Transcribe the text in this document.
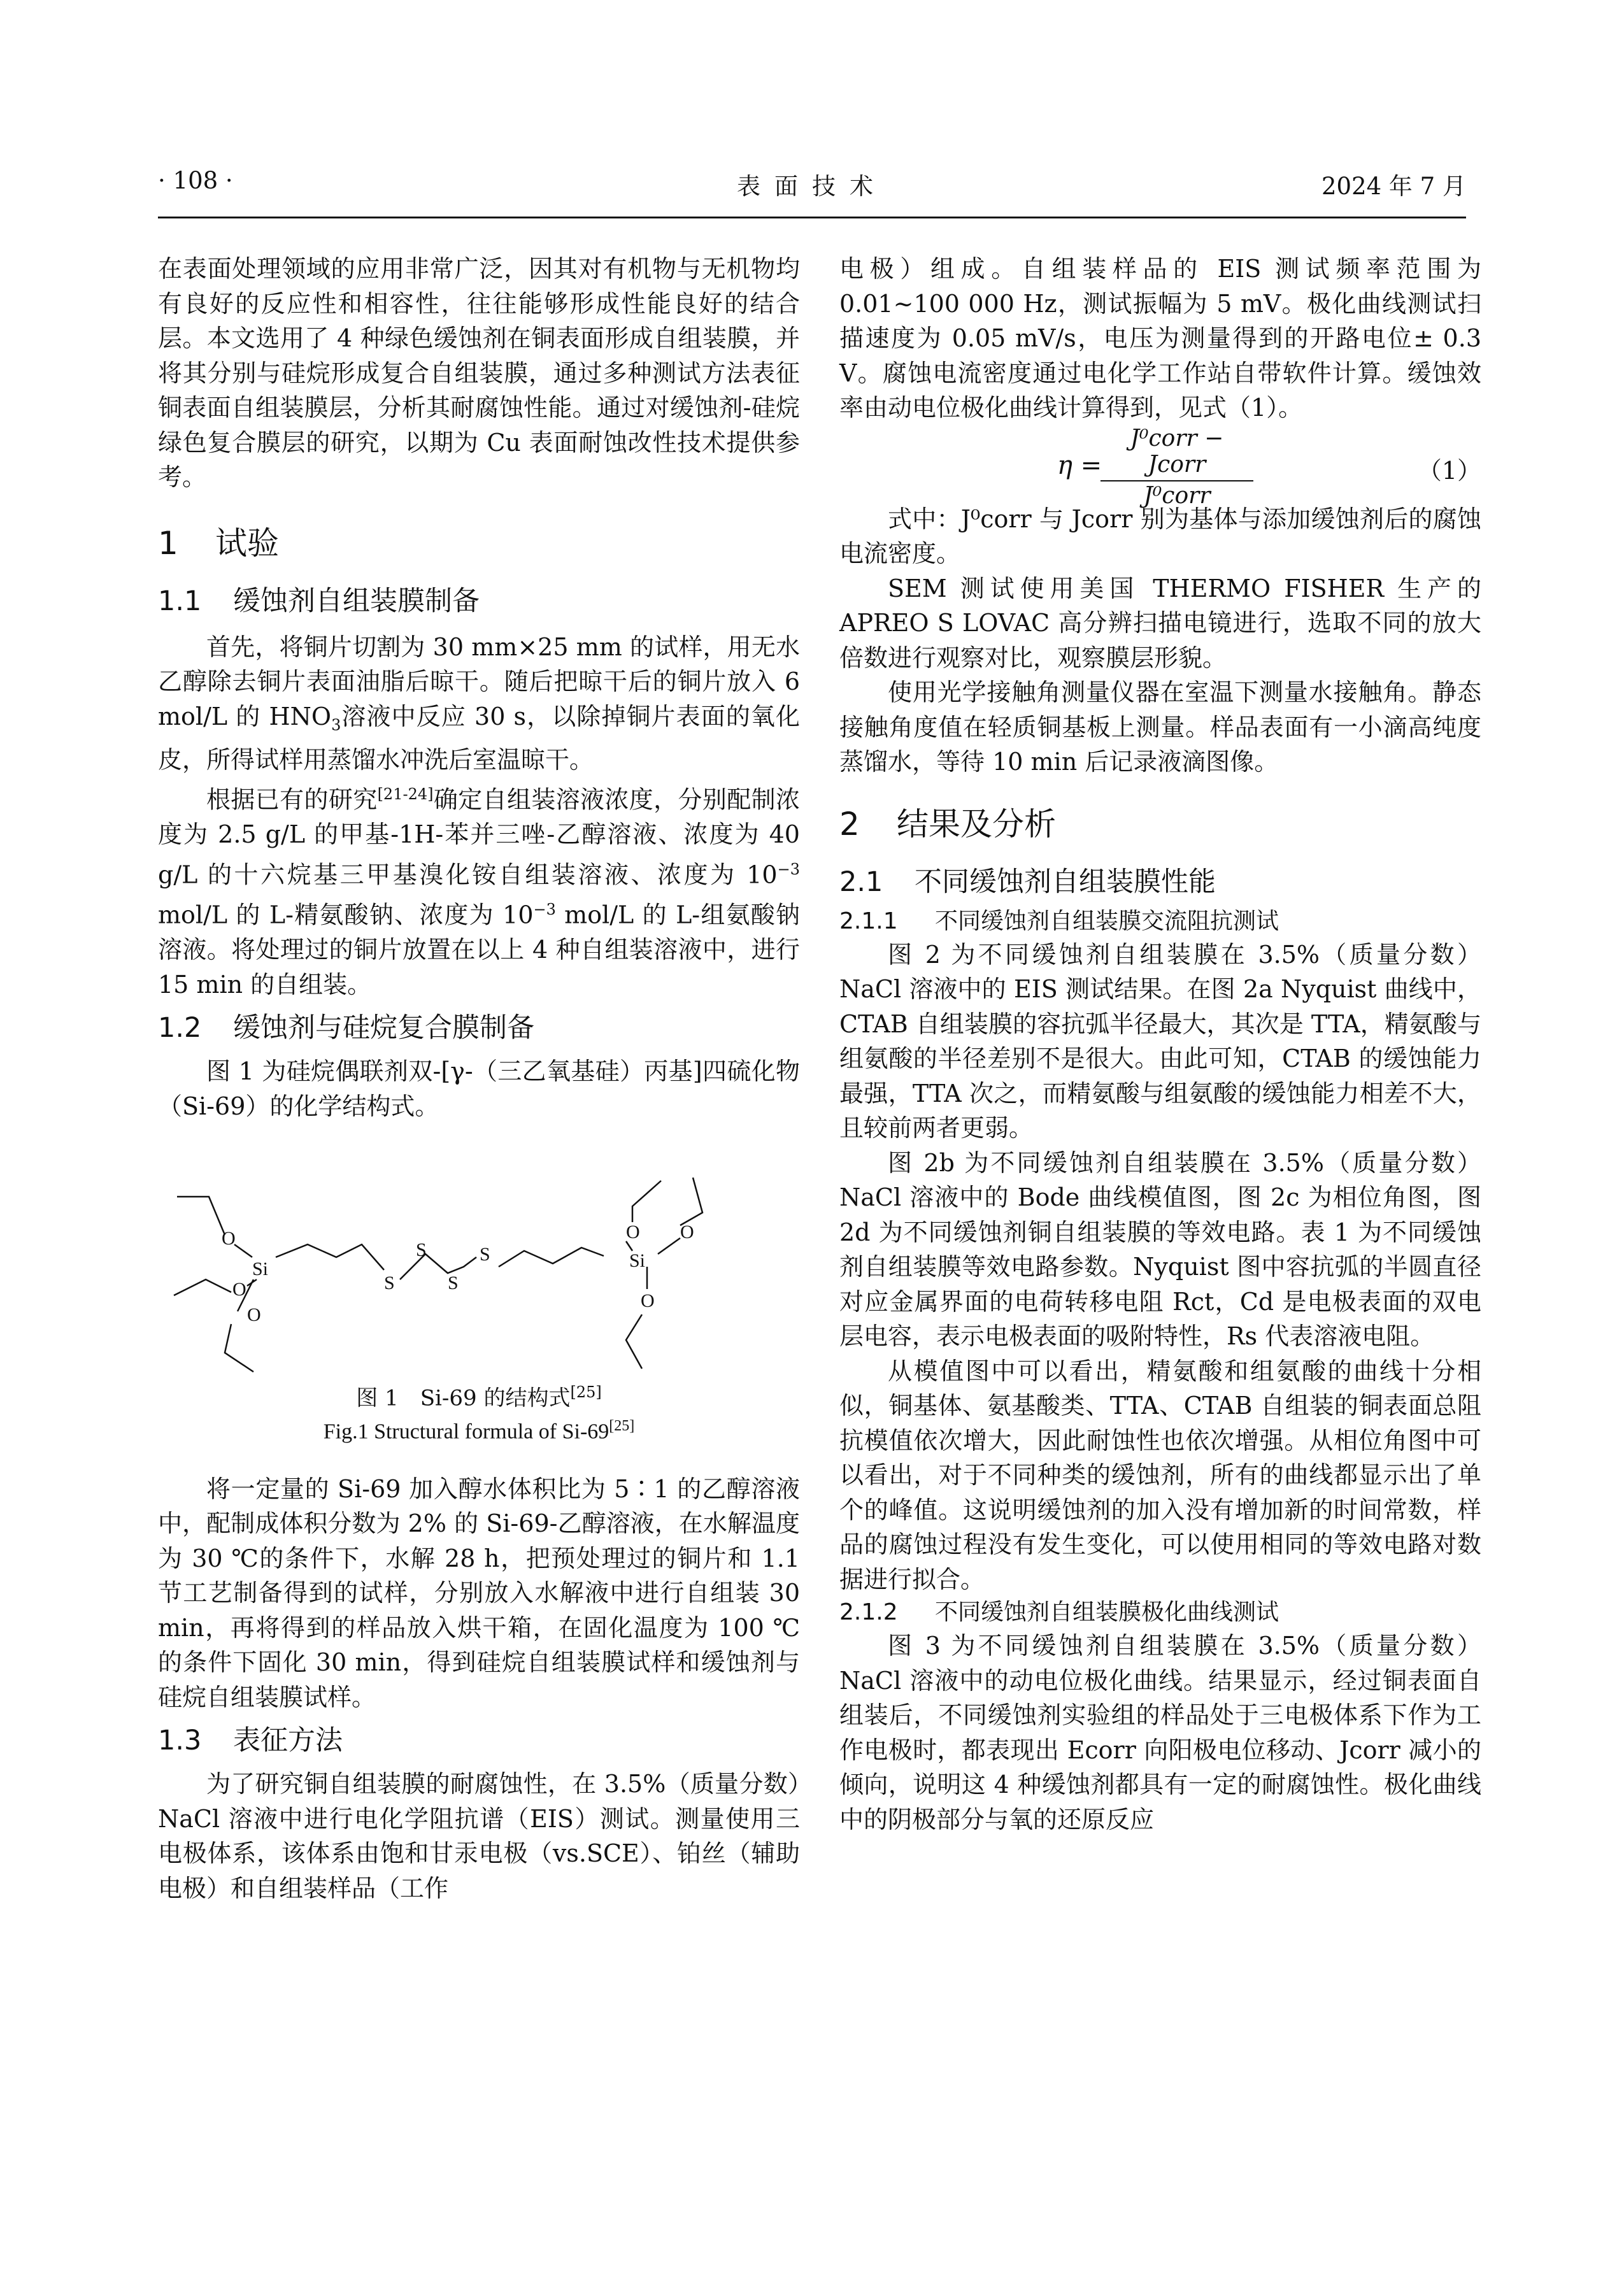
· 108 ·	表面技术	2024 年 7 月

在表面处理领域的应用非常广泛，因其对有机物与无机物均有良好的反应性和相容性，往往能够形成性能良好的结合层。本文选用了 4 种绿色缓蚀剂在铜表面形成自组装膜，并将其分别与硅烷形成复合自组装膜，通过多种测试方法表征铜表面自组装膜层，分析其耐腐蚀性能。通过对缓蚀剂-硅烷绿色复合膜层的研究，以期为 Cu 表面耐蚀改性技术提供参考。

1 试验
1.1 缓蚀剂自组装膜制备

首先，将铜片切割为 30 mm×25 mm 的试样，用无水乙醇除去铜片表面油脂后晾干。随后把晾干后的铜片放入 6 mol/L 的 $HNO_3$溶液中反应 30 s，以除掉铜片表面的氧化皮，所得试样用蒸馏水冲洗后室温晾干。

根据已有的研究[21-24]确定自组装溶液浓度，分别配制浓度为 2.5 g/L 的甲基-1H-苯并三唑-乙醇溶液、浓度为 40 g/L 的十六烷基三甲基溴化铵自组装溶液、浓度为 $10^{-3}$ mol/L 的 L-精氨酸钠、浓度为 $10^{-3}$ mol/L 的 L-组氨酸钠溶液。将处理过的铜片放置在以上 4 种自组装溶液中，进行 15 min 的自组装。

1.2 缓蚀剂与硅烷复合膜制备

图 1 为硅烷偶联剂双-[γ-（三乙氧基硅）丙基]四硫化物（Si-69）的化学结构式。

O
Si
O
O
S
S
S
S
O
Si
O
O
图 1　Si-69 的结构式[25]
Fig.1 Structural formula of Si-69[25]

将一定量的 Si-69 加入醇水体积比为 5∶1 的乙醇溶液中，配制成体积分数为 2% 的 Si-69-乙醇溶液，在水解温度为 30 ℃的条件下，水解 28 h，把预处理过的铜片和 1.1 节工艺制备得到的试样，分别放入水解液中进行自组装 30 min，再将得到的样品放入烘干箱，在固化温度为 100 ℃的条件下固化 30 min，得到硅烷自组装膜试样和缓蚀剂与硅烷自组装膜试样。

1.3 表征方法

为了研究铜自组装膜的耐腐蚀性，在 3.5%（质量分数）NaCl 溶液中进行电化学阻抗谱（EIS）测试。测量使用三电极体系，该体系由饱和甘汞电极（vs.SCE）、铂丝（辅助电极）和自组装样品（工作

电极）组成。自组装样品的 EIS 测试频率范围为 0.01~100 000 Hz，测试振幅为 5 mV。极化曲线测试扫描速度为 0.05 mV/s，电压为测量得到的开路电位± 0.3 V。腐蚀电流密度通过电化学工作站自带软件计算。缓蚀效率由动电位极化曲线计算得到，见式（1）。

η =
J⁰corr − Jcorr
J⁰corr
（1）

式中：J⁰corr 与 Jcorr 别为基体与添加缓蚀剂后的腐蚀电流密度。

SEM 测试使用美国 THERMO FISHER 生产的 APREO S LOVAC 高分辨扫描电镜进行，选取不同的放大倍数进行观察对比，观察膜层形貌。

使用光学接触角测量仪器在室温下测量水接触角。静态接触角度值在轻质铜基板上测量。样品表面有一小滴高纯度蒸馏水，等待 10 min 后记录液滴图像。

2 结果及分析
2.1 不同缓蚀剂自组装膜性能
2.1.1 不同缓蚀剂自组装膜交流阻抗测试

图 2 为不同缓蚀剂自组装膜在 3.5%（质量分数）NaCl 溶液中的 EIS 测试结果。在图 2a Nyquist 曲线中，CTAB 自组装膜的容抗弧半径最大，其次是 TTA，精氨酸与组氨酸的半径差别不是很大。由此可知，CTAB 的缓蚀能力最强，TTA 次之，而精氨酸与组氨酸的缓蚀能力相差不大，且较前两者更弱。

图 2b 为不同缓蚀剂自组装膜在 3.5%（质量分数）NaCl 溶液中的 Bode 曲线模值图，图 2c 为相位角图，图 2d 为不同缓蚀剂铜自组装膜的等效电路。表 1 为不同缓蚀剂自组装膜等效电路参数。Nyquist 图中容抗弧的半圆直径对应金属界面的电荷转移电阻 Rct，Cd 是电极表面的双电层电容，表示电极表面的吸附特性，Rs 代表溶液电阻。

从模值图中可以看出，精氨酸和组氨酸的曲线十分相似，铜基体、氨基酸类、TTA、CTAB 自组装的铜表面总阻抗模值依次增大，因此耐蚀性也依次增强。从相位角图中可以看出，对于不同种类的缓蚀剂，所有的曲线都显示出了单个的峰值。这说明缓蚀剂的加入没有增加新的时间常数，样品的腐蚀过程没有发生变化，可以使用相同的等效电路对数据进行拟合。

2.1.2 不同缓蚀剂自组装膜极化曲线测试

图 3 为不同缓蚀剂自组装膜在 3.5%（质量分数）NaCl 溶液中的动电位极化曲线。结果显示，经过铜表面自组装后，不同缓蚀剂实验组的样品处于三电极体系下作为工作电极时，都表现出 Ecorr 向阳极电位移动、Jcorr 减小的倾向，说明这 4 种缓蚀剂都具有一定的耐腐蚀性。极化曲线中的阴极部分与氧的还原反应
